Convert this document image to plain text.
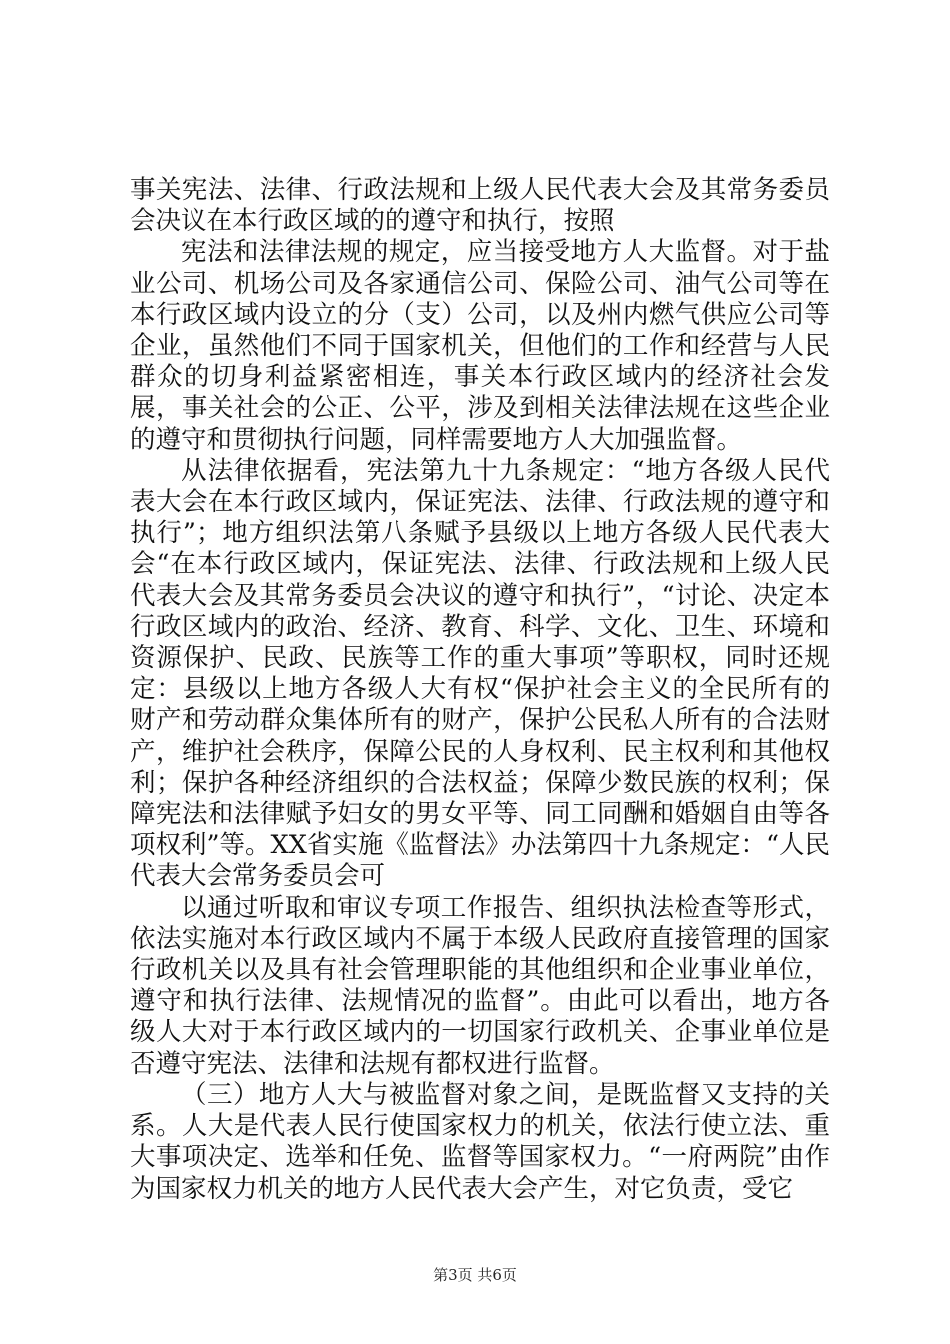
事关宪法、法律、行政法规和上级人民代表大会及其常务委员会决议在本行政区域的的遵守和执行，按照

宪法和法律法规的规定，应当接受地方人大监督。对于盐业公司、机场公司及各家通信公司、保险公司、油气公司等在本行政区域内设立的分（支）公司，以及州内燃气供应公司等企业，虽然他们不同于国家机关，但他们的工作和经营与人民群众的切身利益紧密相连，事关本行政区域内的经济社会发展，事关社会的公正、公平，涉及到相关法律法规在这些企业的遵守和贯彻执行问题，同样需要地方人大加强监督。

从法律依据看，宪法第九十九条规定：“地方各级人民代表大会在本行政区域内，保证宪法、法律、行政法规的遵守和执行”；地方组织法第八条赋予县级以上地方各级人民代表大会“在本行政区域内，保证宪法、法律、行政法规和上级人民代表大会及其常务委员会决议的遵守和执行”，“讨论、决定本行政区域内的政治、经济、教育、科学、文化、卫生、环境和资源保护、民政、民族等工作的重大事项”等职权，同时还规定：县级以上地方各级人大有权“保护社会主义的全民所有的财产和劳动群众集体所有的财产，保护公民私人所有的合法财产，维护社会秩序，保障公民的人身权利、民主权利和其他权利；保护各种经济组织的合法权益；保障少数民族的权利；保障宪法和法律赋予妇女的男女平等、同工同酬和婚姻自由等各项权利”等。XX省实施《监督法》办法第四十九条规定：“人民代表大会常务委员会可

以通过听取和审议专项工作报告、组织执法检查等形式，依法实施对本行政区域内不属于本级人民政府直接管理的国家行政机关以及具有社会管理职能的其他组织和企业事业单位，遵守和执行法律、法规情况的监督”。由此可以看出，地方各级人大对于本行政区域内的一切国家行政机关、企事业单位是否遵守宪法、法律和法规有都权进行监督。

（三）地方人大与被监督对象之间，是既监督又支持的关系。人大是代表人民行使国家权力的机关，依法行使立法、重大事项决定、选举和任免、监督等国家权力。“一府两院”由作为国家权力机关的地方人民代表大会产生，对它负责，受它

第3页 共6页
